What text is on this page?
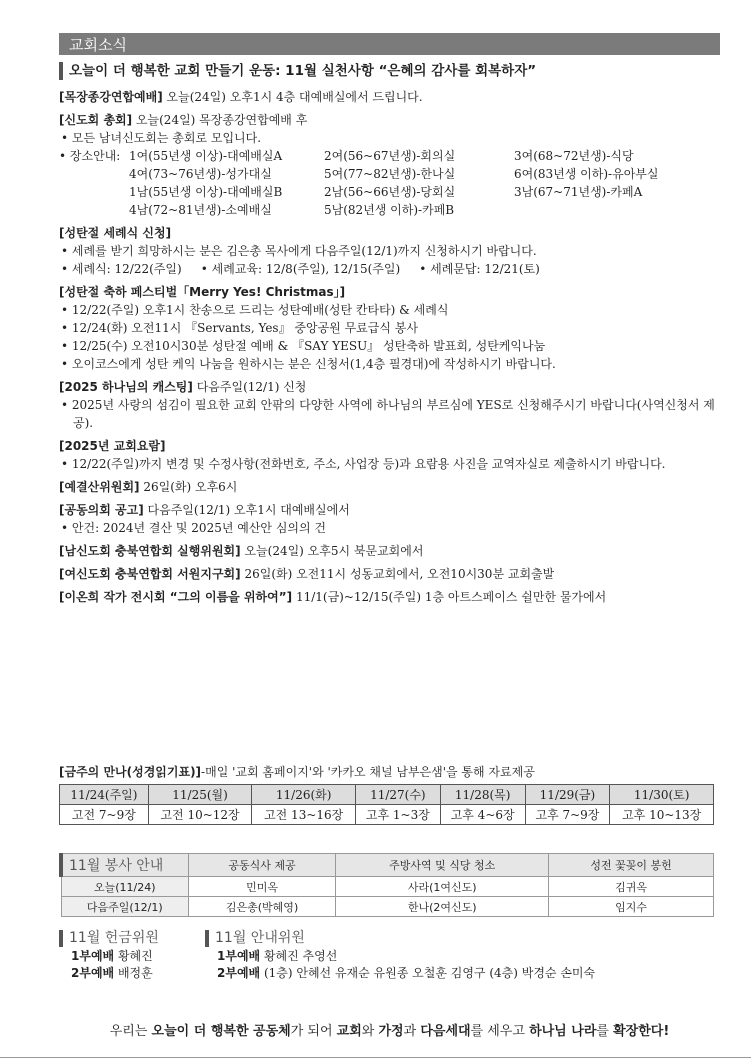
교회소식
오늘이 더 행복한 교회 만들기 운동: 11월 실천사항 “은혜의 감사를 회복하자”
[목장종강연합예배] 오늘(24일) 오후1시 4층 대예배실에서 드립니다.
[신도회 총회] 오늘(24일) 목장종강연합예배 후
• 모든 남녀신도회는 총회로 모입니다.
• 장소안내: 1여(55년생 이상)-대예배실A	2여(56~67년생)-회의실	3여(68~72년생)-식당
4여(73~76년생)-성가대실	5여(77~82년생)-한나실	6여(83년생 이하)-유아부실
1남(55년생 이상)-대예배실B	2남(56~66년생)-당회실	3남(67~71년생)-카페A
4남(72~81년생)-소예배실	5남(82년생 이하)-카페B
[성탄절 세례식 신청]
• 세례를 받기 희망하시는 분은 김은총 목사에게 다음주일(12/1)까지 신청하시기 바랍니다.
• 세례식: 12/22(주일) • 세례교육: 12/8(주일), 12/15(주일) • 세례문답: 12/21(토)
[성탄절 축하 페스티벌「Merry Yes! Christmas」]
• 12/22(주일) 오후1시 찬송으로 드리는 성탄예배(성탄 칸타타) & 세례식
• 12/24(화) 오전11시 『Servants, Yes』 중앙공원 무료급식 봉사
• 12/25(수) 오전10시30분 성탄절 예배 & 『SAY YESU』 성탄축하 발표회, 성탄케익나눔
• 오이코스에게 성탄 케익 나눔을 원하시는 분은 신청서(1,4층 필경대)에 작성하시기 바랍니다.
[2025 하나님의 캐스팅] 다음주일(12/1) 신청
• 2025년 사랑의 섬김이 필요한 교회 안팎의 다양한 사역에 하나님의 부르심에 YES로 신청해주시기 바랍니다(사역신청서 제공).
[2025년 교회요람]
• 12/22(주일)까지 변경 및 수정사항(전화번호, 주소, 사업장 등)과 요람용 사진을 교역자실로 제출하시기 바랍니다.
[예결산위원회] 26일(화) 오후6시
[공동의회 공고] 다음주일(12/1) 오후1시 대예배실에서
• 안건: 2024년 결산 및 2025년 예산안 심의의 건
[남신도회 충북연합회 실행위원회] 오늘(24일) 오후5시 북문교회에서
[여신도회 충북연합회 서원지구회] 26일(화) 오전11시 성동교회에서, 오전10시30분 교회출발
[이온희 작가 전시회 “그의 이름을 위하여”] 11/1(금)~12/15(주일) 1층 아트스페이스 쉴만한 물가에서
[금주의 만나(성경읽기표)]-매일 '교회 홈페이지'와 '카카오 채널 남부은샘'을 통해 자료제공
11/24(주일)	11/25(월)	11/26(화)	11/27(수)	11/28(목)	11/29(금)	11/30(토)
고전 7~9장	고전 10~12장	고전 13~16장	고후 1~3장	고후 4~6장	고후 7~9장	고후 10~13장
11월 봉사 안내	공동식사 제공	주방사역 및 식당 청소	성전 꽃꽂이 봉헌
오늘(11/24)	민미옥	사라(1여신도)	김귀옥
다음주일(12/1)	김은총(박혜영)	한나(2여신도)	임지수
11월 헌금위원
1부예배 황혜진
2부예배 배정훈
11월 안내위원
1부예배 황혜진 추영선
2부예배 (1층) 안혜선 유재순 유원종 오철훈 김영구 (4층) 박경순 손미숙
우리는 오늘이 더 행복한 공동체가 되어 교회와 가정과 다음세대를 세우고 하나님 나라를 확장한다!
